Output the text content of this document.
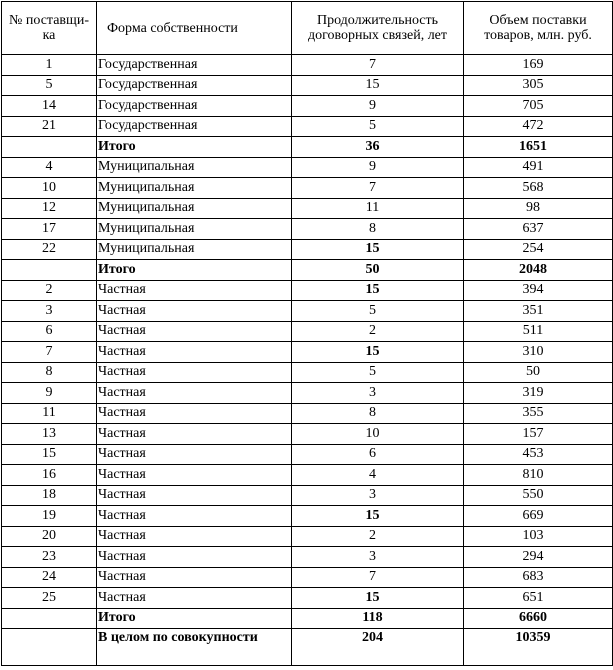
№ поставщи-ка	Форма собственности	Продолжительность договорных связей, лет	Объем поставки товаров, млн. руб.
1	Государственная	7	169
5	Государственная	15	305
14	Государственная	9	705
21	Государственная	5	472
	Итого	36	1651
4	Муниципальная	9	491
10	Муниципальная	7	568
12	Муниципальная	11	98
17	Муниципальная	8	637
22	Муниципальная	15	254
	Итого	50	2048
2	Частная	15	394
3	Частная	5	351
6	Частная	2	511
7	Частная	15	310
8	Частная	5	50
9	Частная	3	319
11	Частная	8	355
13	Частная	10	157
15	Частная	6	453
16	Частная	4	810
18	Частная	3	550
19	Частная	15	669
20	Частная	2	103
23	Частная	3	294
24	Частная	7	683
25	Частная	15	651
	Итого	118	6660
	В целом по совокупности	204	10359
